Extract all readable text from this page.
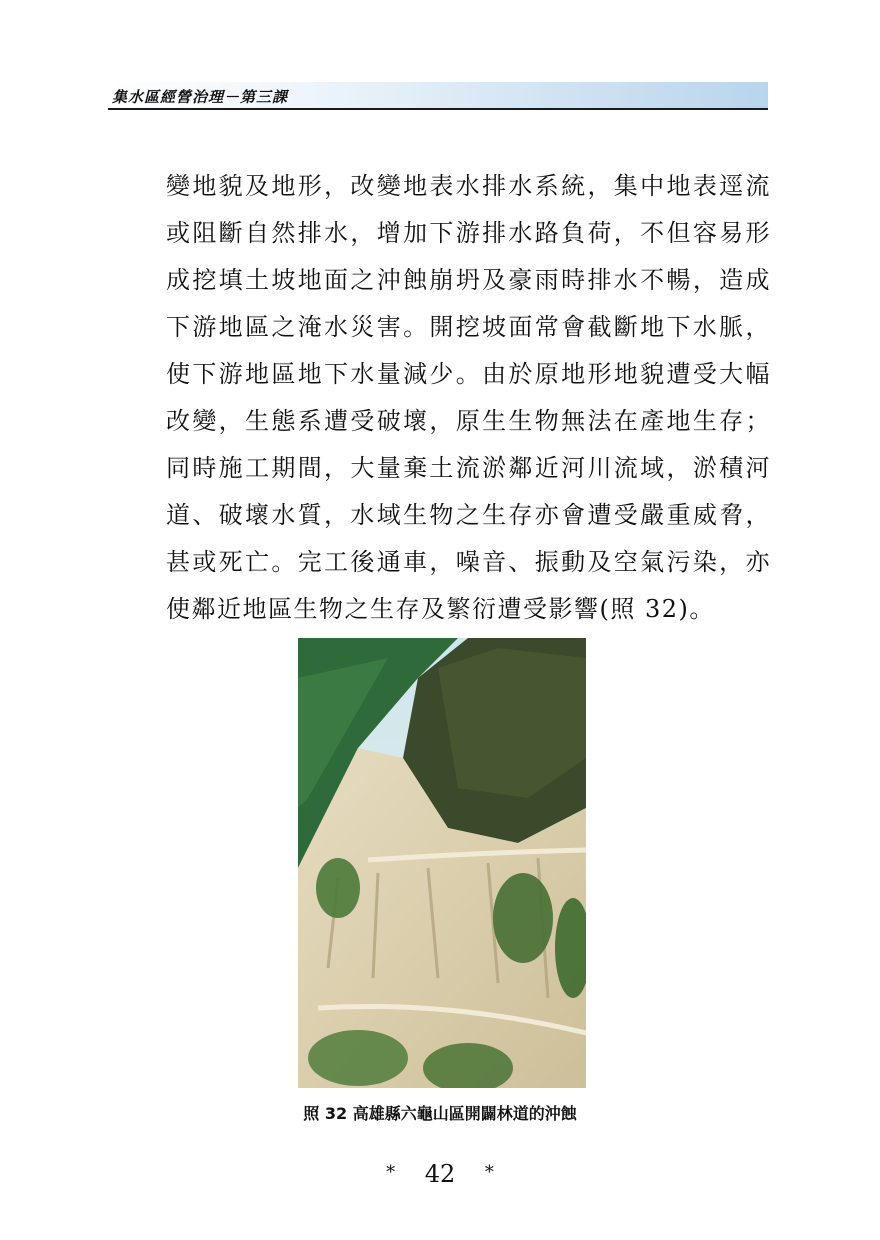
集水區經營治理－第三課
變地貌及地形，改變地表水排水系統，集中地表逕流或阻斷自然排水，增加下游排水路負荷，不但容易形成挖填土坡地面之沖蝕崩坍及豪雨時排水不暢，造成下游地區之淹水災害。開挖坡面常會截斷地下水脈，使下游地區地下水量減少。由於原地形地貌遭受大幅改變，生態系遭受破壞，原生生物無法在產地生存；同時施工期間，大量棄土流淤鄰近河川流域，淤積河道、破壞水質，水域生物之生存亦會遭受嚴重威脅，甚或死亡。完工後通車，噪音、振動及空氣污染，亦使鄰近地區生物之生存及繁衍遭受影響(照 32)。
照 32 高雄縣六龜山區開闢林道的沖蝕
* 42 *
